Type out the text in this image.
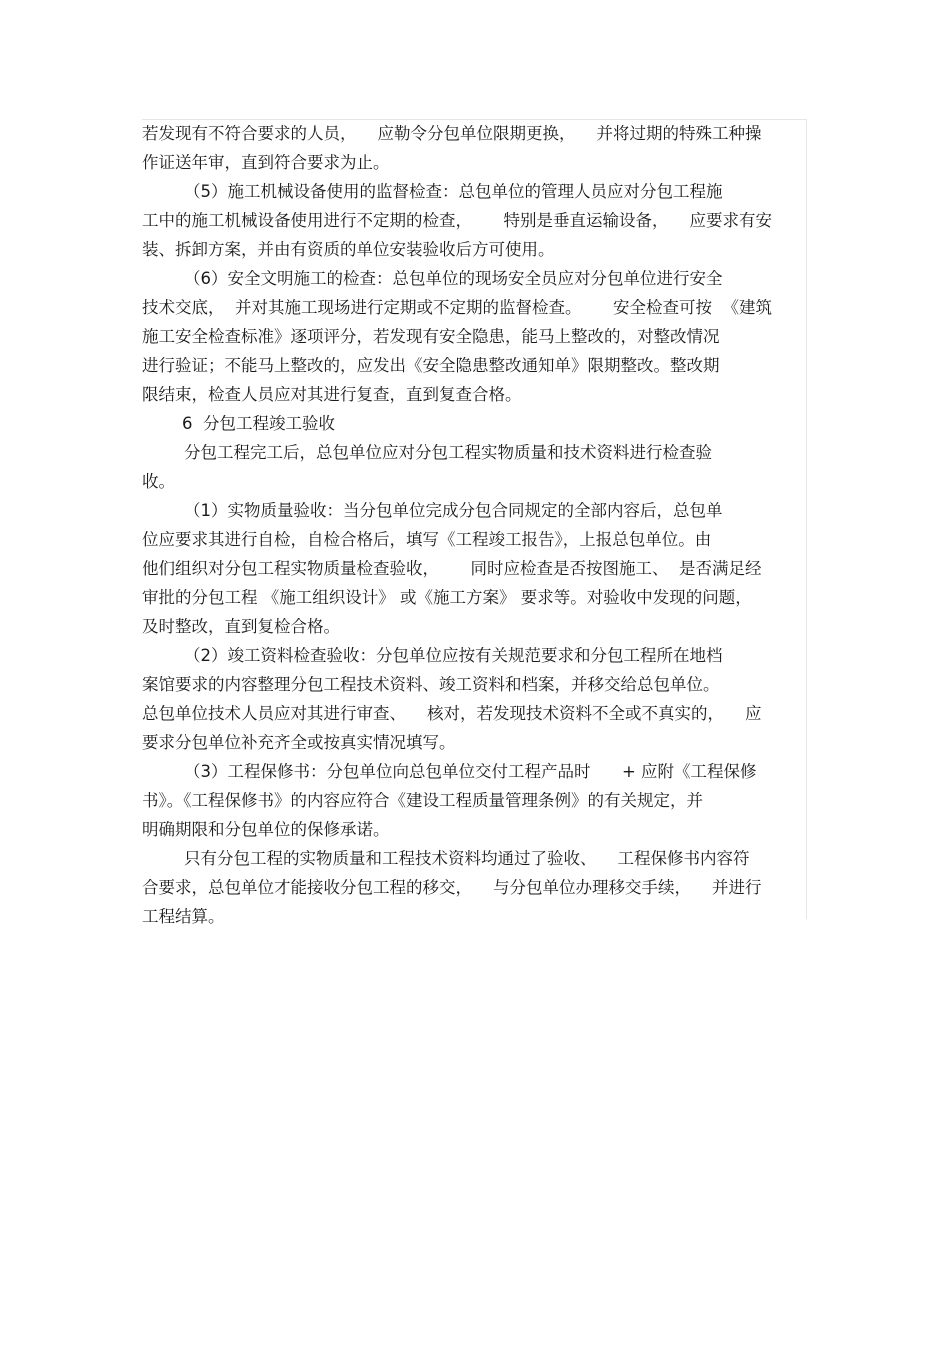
若发现有不符合要求的人员，    应勒令分包单位限期更换，    并将过期的特殊工种操
作证送年审，直到符合要求为止。
（5）施工机械设备使用的监督检查：总包单位的管理人员应对分包工程施
工中的施工机械设备使用进行不定期的检查，      特别是垂直运输设备，    应要求有安
装、拆卸方案，并由有资质的单位安装验收后方可使用。
（6）安全文明施工的检查：总包单位的现场安全员应对分包单位进行安全
技术交底，  并对其施工现场进行定期或不定期的监督检查。      安全检查可按  《建筑
施工安全检查标准》逐项评分，若发现有安全隐患，能马上整改的，对整改情况
进行验证；不能马上整改的，应发出《安全隐患整改通知单》限期整改。整改期
限结束，检查人员应对其进行复查，直到复查合格。
6  分包工程竣工验收
分包工程完工后，总包单位应对分包工程实物质量和技术资料进行检查验
收。
（1）实物质量验收：当分包单位完成分包合同规定的全部内容后，总包单
位应要求其进行自检，自检合格后，填写《工程竣工报告》，上报总包单位。由
他们组织对分包工程实物质量检查验收，      同时应检查是否按图施工、  是否满足经
审批的分包工程 《施工组织设计》 或《施工方案》 要求等。对验收中发现的问题，
及时整改，直到复检合格。
（2）竣工资料检查验收：分包单位应按有关规范要求和分包工程所在地档
案馆要求的内容整理分包工程技术资料、竣工资料和档案，并移交给总包单位。
总包单位技术人员应对其进行审查、    核对，若发现技术资料不全或不真实的，    应
要求分包单位补充齐全或按真实情况填写。
（3）工程保修书：分包单位向总包单位交付工程产品时      + 应附《工程保修
书》。《工程保修书》的内容应符合《建设工程质量管理条例》的有关规定，并
明确期限和分包单位的保修承诺。
只有分包工程的实物质量和工程技术资料均通过了验收、    工程保修书内容符
合要求，总包单位才能接收分包工程的移交，    与分包单位办理移交手续，    并进行
工程结算。
